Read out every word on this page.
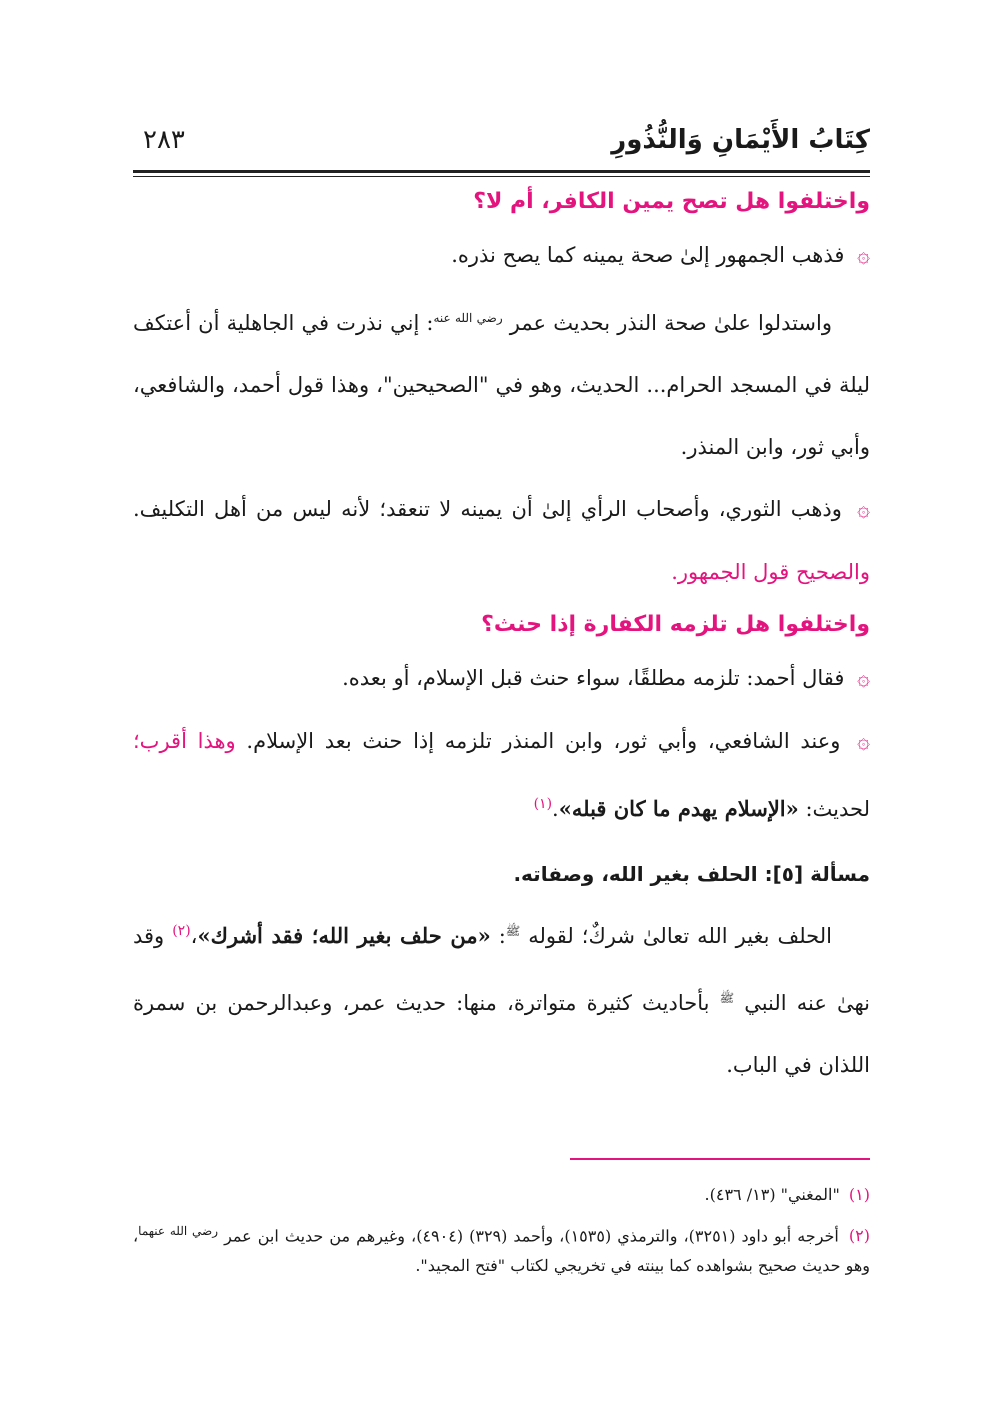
كِتَابُ الأَيْمَانِ وَالنُّذُورِ
٢٨٣
واختلفوا هل تصح يمين الكافر، أم لا؟

۞ فذهب الجمهور إلىٰ صحة يمينه كما يصح نذره.

واستدلوا علىٰ صحة النذر بحديث عمر $^{رضي الله عنه}$: إني نذرت في الجاهلية أن أعتكف ليلة في المسجد الحرام... الحديث، وهو في "الصحيحين"، وهذا قول أحمد، والشافعي، وأبي ثور، وابن المنذر.

۞ وذهب الثوري، وأصحاب الرأي إلىٰ أن يمينه لا تنعقد؛ لأنه ليس من أهل التكليف. والصحيح قول الجمهور.

واختلفوا هل تلزمه الكفارة إذا حنث؟

۞ فقال أحمد: تلزمه مطلقًا، سواء حنث قبل الإسلام، أو بعده.

۞ وعند الشافعي، وأبي ثور، وابن المنذر تلزمه إذا حنث بعد الإسلام. وهذا أقرب؛ لحديث: «الإسلام يهدم ما كان قبله».$^{(١)}$

مسألة [٥]: الحلف بغير الله، وصفاته.

الحلف بغير الله تعالىٰ شركٌ؛ لقوله $^ﷺ$: «من حلف بغير الله؛ فقد أشرك»،$^{(٢)}$ وقد نهىٰ عنه النبي $^ﷺ$ بأحاديث كثيرة متواترة، منها: حديث عمر، وعبدالرحمن بن سمرة اللذان في الباب.

(١) "المغني" (١٣/ ٤٣٦).

(٢) أخرجه أبو داود (٣٢٥١)، والترمذي (١٥٣٥)، وأحمد (٣٢٩) (٤٩٠٤)، وغيرهم من حديث ابن عمر $^{رضي الله عنهما}$، وهو حديث صحيح بشواهده كما بينته في تخريجي لكتاب "فتح المجيد".
